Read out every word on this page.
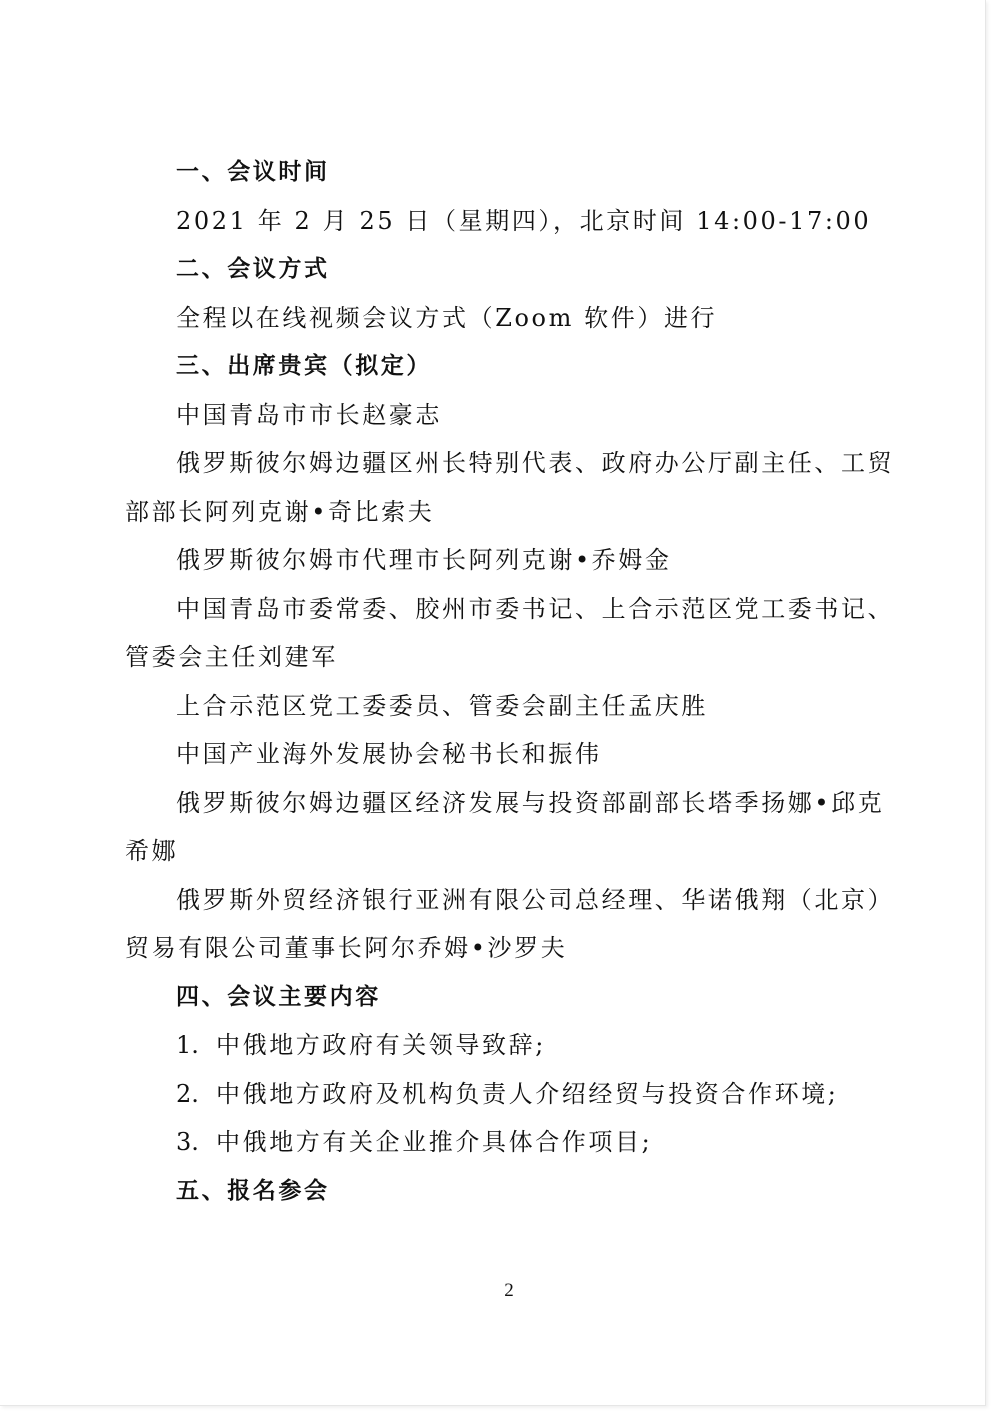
一、会议时间
2021 年 2 月 25 日（星期四），北京时间 14:00-17:00
二、会议方式
全程以在线视频会议方式（Zoom 软件）进行
三、出席贵宾（拟定）
中国青岛市市长赵豪志
俄罗斯彼尔姆边疆区州长特别代表、政府办公厅副主任、工贸
部部长阿列克谢•奇比索夫
俄罗斯彼尔姆市代理市长阿列克谢•乔姆金
中国青岛市委常委、胶州市委书记、上合示范区党工委书记、
管委会主任刘建军
上合示范区党工委委员、管委会副主任孟庆胜
中国产业海外发展协会秘书长和振伟
俄罗斯彼尔姆边疆区经济发展与投资部副部长塔季扬娜•邱克
希娜
俄罗斯外贸经济银行亚洲有限公司总经理、华诺俄翔（北京）
贸易有限公司董事长阿尔乔姆•沙罗夫
四、会议主要内容
1. 中俄地方政府有关领导致辞;
2. 中俄地方政府及机构负责人介绍经贸与投资合作环境;
3. 中俄地方有关企业推介具体合作项目;
五、报名参会
2
